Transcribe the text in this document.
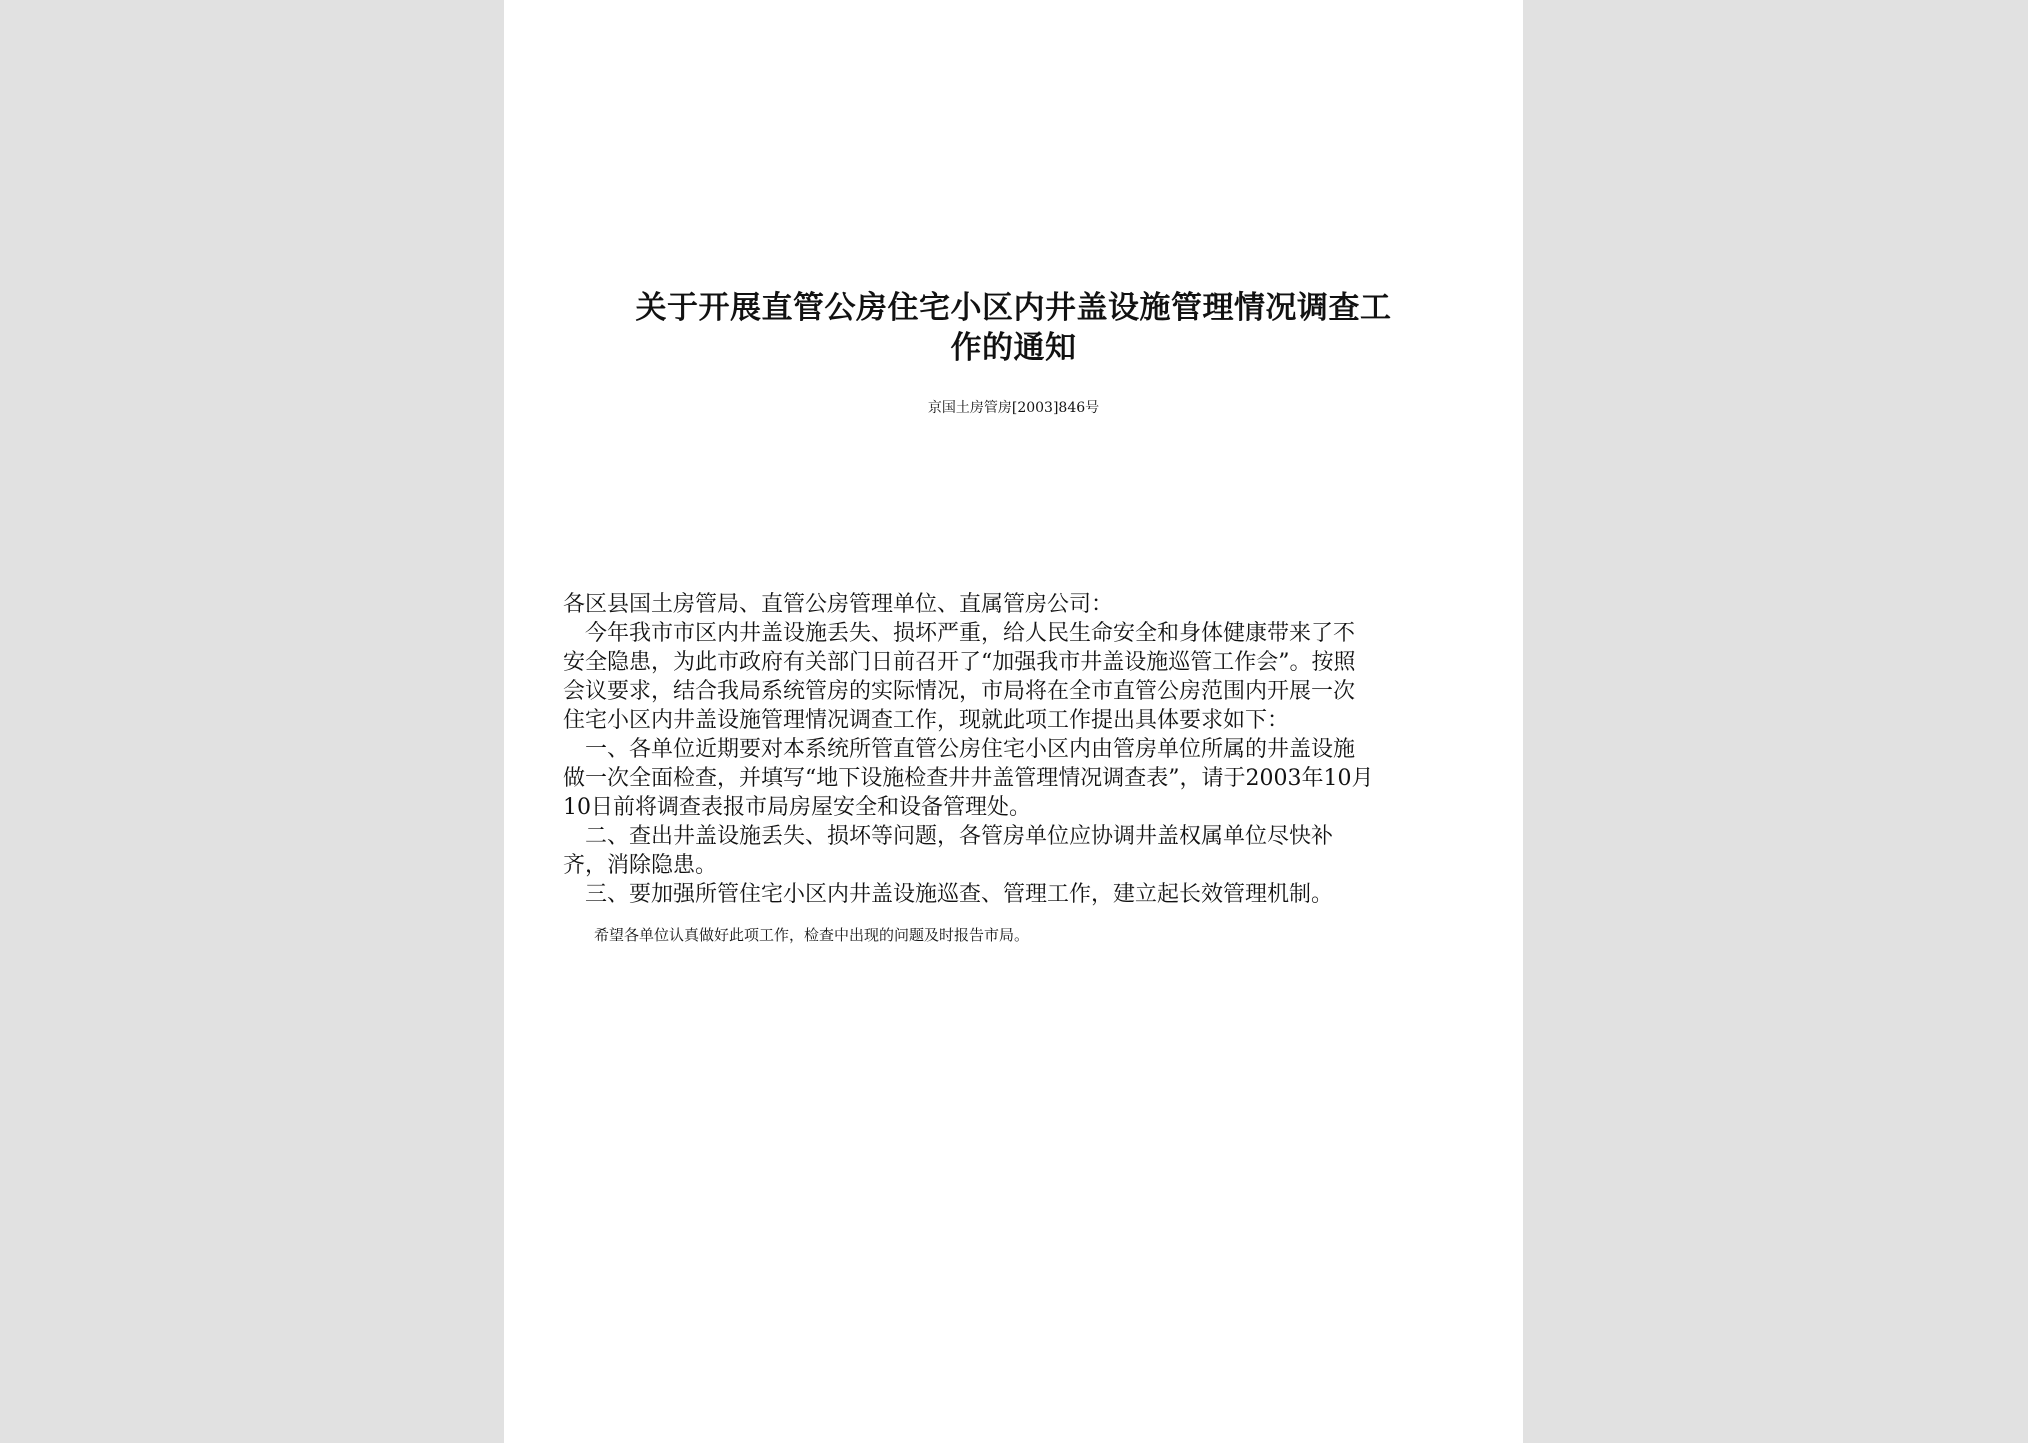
关于开展直管公房住宅小区内井盖设施管理情况调查工
作的通知
京国土房管房[2003]846号
各区县国土房管局、直管公房管理单位、直属管房公司：
今年我市市区内井盖设施丢失、损坏严重，给人民生命安全和身体健康带来了不
安全隐患，为此市政府有关部门日前召开了“加强我市井盖设施巡管工作会”。按照
会议要求，结合我局系统管房的实际情况，市局将在全市直管公房范围内开展一次
住宅小区内井盖设施管理情况调查工作，现就此项工作提出具体要求如下：
一、各单位近期要对本系统所管直管公房住宅小区内由管房单位所属的井盖设施
做一次全面检查，并填写“地下设施检查井井盖管理情况调查表”，请于2003年10月
10日前将调查表报市局房屋安全和设备管理处。
二、查出井盖设施丢失、损坏等问题，各管房单位应协调井盖权属单位尽快补
齐，消除隐患。
三、要加强所管住宅小区内井盖设施巡查、管理工作，建立起长效管理机制。
希望各单位认真做好此项工作，检查中出现的问题及时报告市局。
